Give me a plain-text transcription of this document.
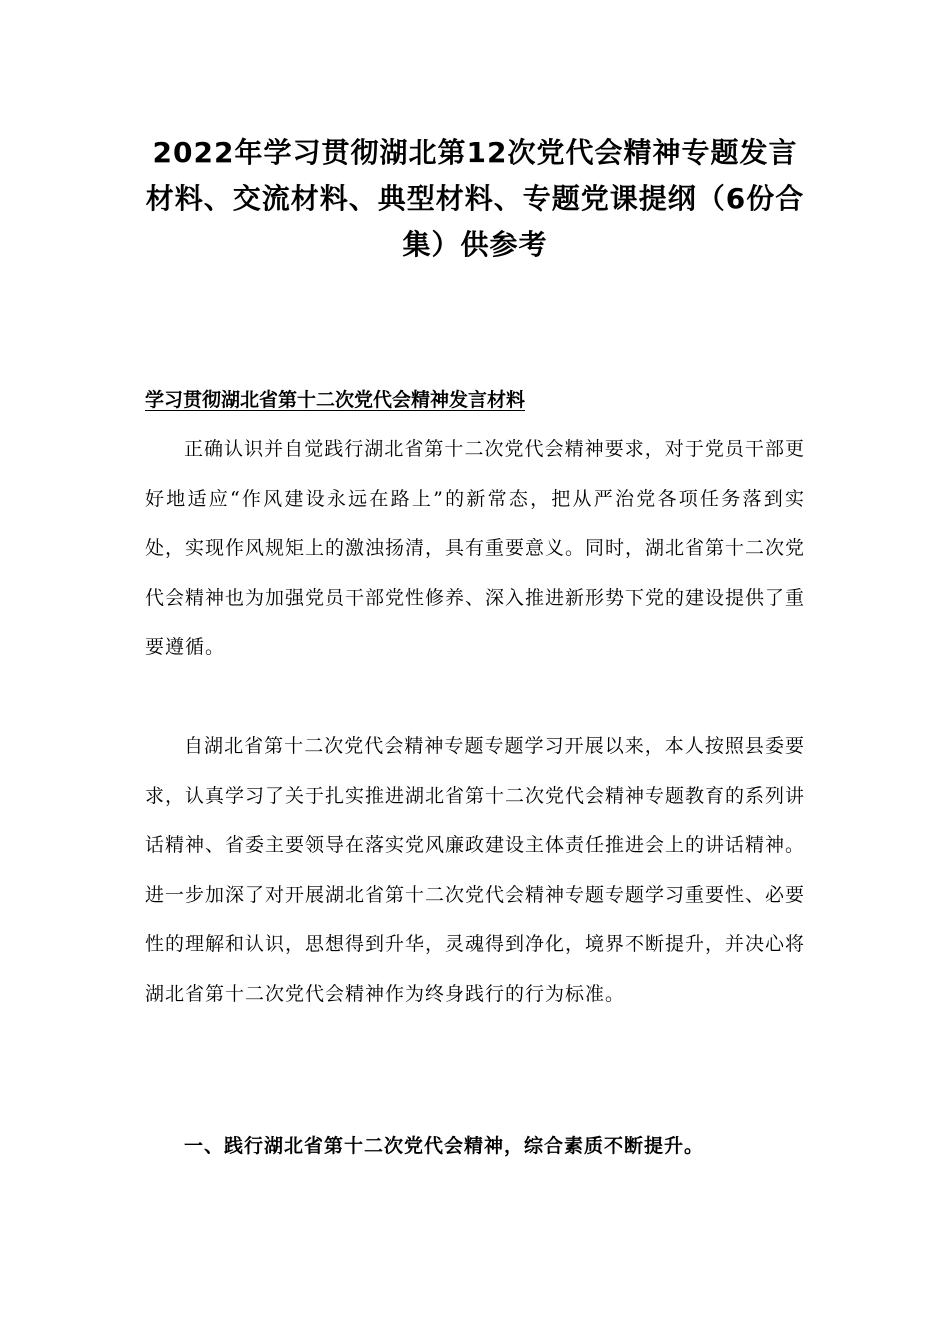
2022年学习贯彻湖北第12次党代会精神专题发言材料、交流材料、典型材料、专题党课提纲（6份合集）供参考
学习贯彻湖北省第十二次党代会精神发言材料

正确认识并自觉践行湖北省第十二次党代会精神要求，对于党员干部更好地适应“作风建设永远在路上”的新常态，把从严治党各项任务落到实处，实现作风规矩上的激浊扬清，具有重要意义。同时，湖北省第十二次党代会精神也为加强党员干部党性修养、深入推进新形势下党的建设提供了重要遵循。

自湖北省第十二次党代会精神专题专题学习开展以来，本人按照县委要求，认真学习了关于扎实推进湖北省第十二次党代会精神专题教育的系列讲话精神、省委主要领导在落实党风廉政建设主体责任推进会上的讲话精神。进一步加深了对开展湖北省第十二次党代会精神专题专题学习重要性、必要性的理解和认识，思想得到升华，灵魂得到净化，境界不断提升，并决心将湖北省第十二次党代会精神作为终身践行的行为标准。

一、践行湖北省第十二次党代会精神，综合素质不断提升。
